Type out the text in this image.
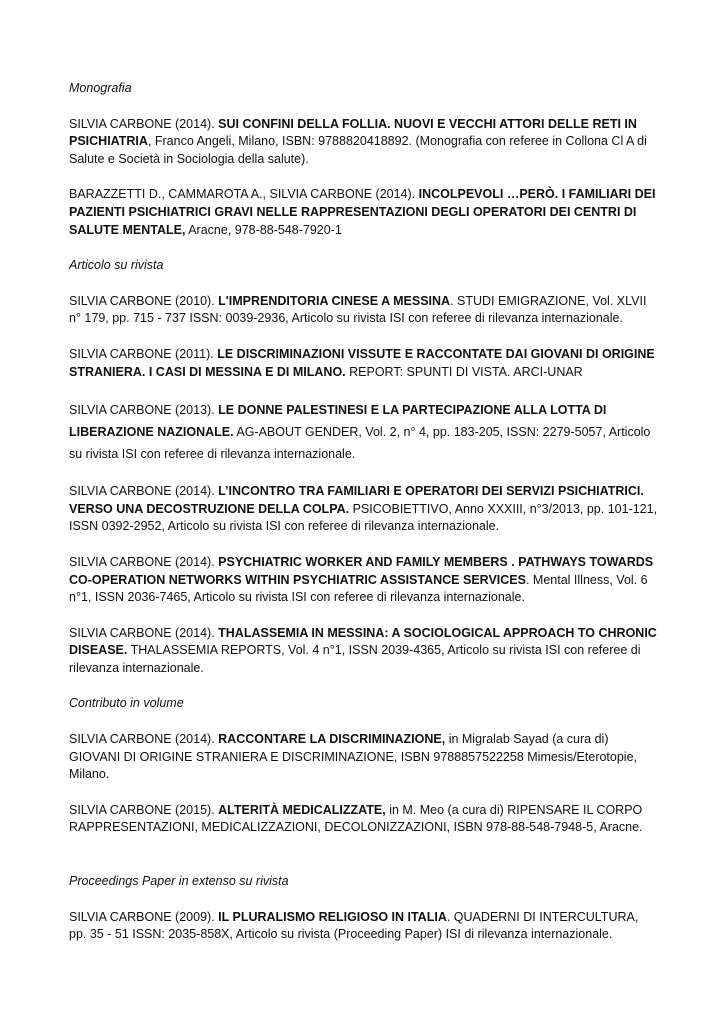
Monografia

SILVIA CARBONE (2014). SUI CONFINI DELLA FOLLIA. NUOVI E VECCHI ATTORI DELLE RETI IN PSICHIATRIA, Franco Angeli, Milano, ISBN: 9788820418892. (Monografia con referee in Collona Cl A di Salute e Società in Sociologia della salute).

BARAZZETTI D., CAMMAROTA A., SILVIA CARBONE (2014). INCOLPEVOLI …PERÒ. I FAMILIARI DEI PAZIENTI PSICHIATRICI GRAVI NELLE RAPPRESENTAZIONI DEGLI OPERATORI DEI CENTRI DI SALUTE MENTALE, Aracne, 978-88-548-7920-1

Articolo su rivista

SILVIA CARBONE (2010). L'IMPRENDITORIA CINESE A MESSINA. STUDI EMIGRAZIONE, Vol. XLVII n° 179, pp. 715 - 737 ISSN: 0039-2936, Articolo su rivista ISI con referee di rilevanza internazionale.

SILVIA CARBONE (2011). LE DISCRIMINAZIONI VISSUTE E RACCONTATE DAI GIOVANI DI ORIGINE STRANIERA. I CASI DI MESSINA E DI MILANO. REPORT: SPUNTI DI VISTA. ARCI-UNAR

SILVIA CARBONE (2013). LE DONNE PALESTINESI E LA PARTECIPAZIONE ALLA LOTTA DI LIBERAZIONE NAZIONALE. AG-ABOUT GENDER, Vol. 2, n° 4, pp. 183-205, ISSN: 2279-5057, Articolo su rivista ISI con referee di rilevanza internazionale.

SILVIA CARBONE (2014). L’INCONTRO TRA FAMILIARI E OPERATORI DEI SERVIZI PSICHIATRICI. VERSO UNA DECOSTRUZIONE DELLA COLPA. PSICOBIETTIVO, Anno XXXIII, n°3/2013, pp. 101-121, ISSN 0392-2952, Articolo su rivista ISI con referee di rilevanza internazionale.

SILVIA CARBONE (2014). PSYCHIATRIC WORKER AND FAMILY MEMBERS . PATHWAYS TOWARDS CO-OPERATION NETWORKS WITHIN PSYCHIATRIC ASSISTANCE SERVICES. Mental Illness, Vol. 6 n°1, ISSN 2036-7465, Articolo su rivista ISI con referee di rilevanza internazionale.

SILVIA CARBONE (2014). THALASSEMIA IN MESSINA: A SOCIOLOGICAL APPROACH TO CHRONIC DISEASE. THALASSEMIA REPORTS, Vol. 4 n°1, ISSN 2039-4365, Articolo su rivista ISI con referee di rilevanza internazionale.

Contributo in volume

SILVIA CARBONE (2014). RACCONTARE LA DISCRIMINAZIONE, in Migralab Sayad (a cura di) GIOVANI DI ORIGINE STRANIERA E DISCRIMINAZIONE, ISBN 9788857522258 Mimesis/Eterotopie, Milano.

SILVIA CARBONE (2015). ALTERITÀ MEDICALIZZATE, in M. Meo (a cura di) RIPENSARE IL CORPO RAPPRESENTAZIONI, MEDICALIZZAZIONI, DECOLONIZZAZIONI, ISBN 978-88-548-7948-5, Aracne.

Proceedings Paper in extenso su rivista

SILVIA CARBONE (2009). IL PLURALISMO RELIGIOSO IN ITALIA. QUADERNI DI INTERCULTURA, pp. 35 - 51 ISSN: 2035-858X, Articolo su rivista (Proceeding Paper) ISI di rilevanza internazionale.
